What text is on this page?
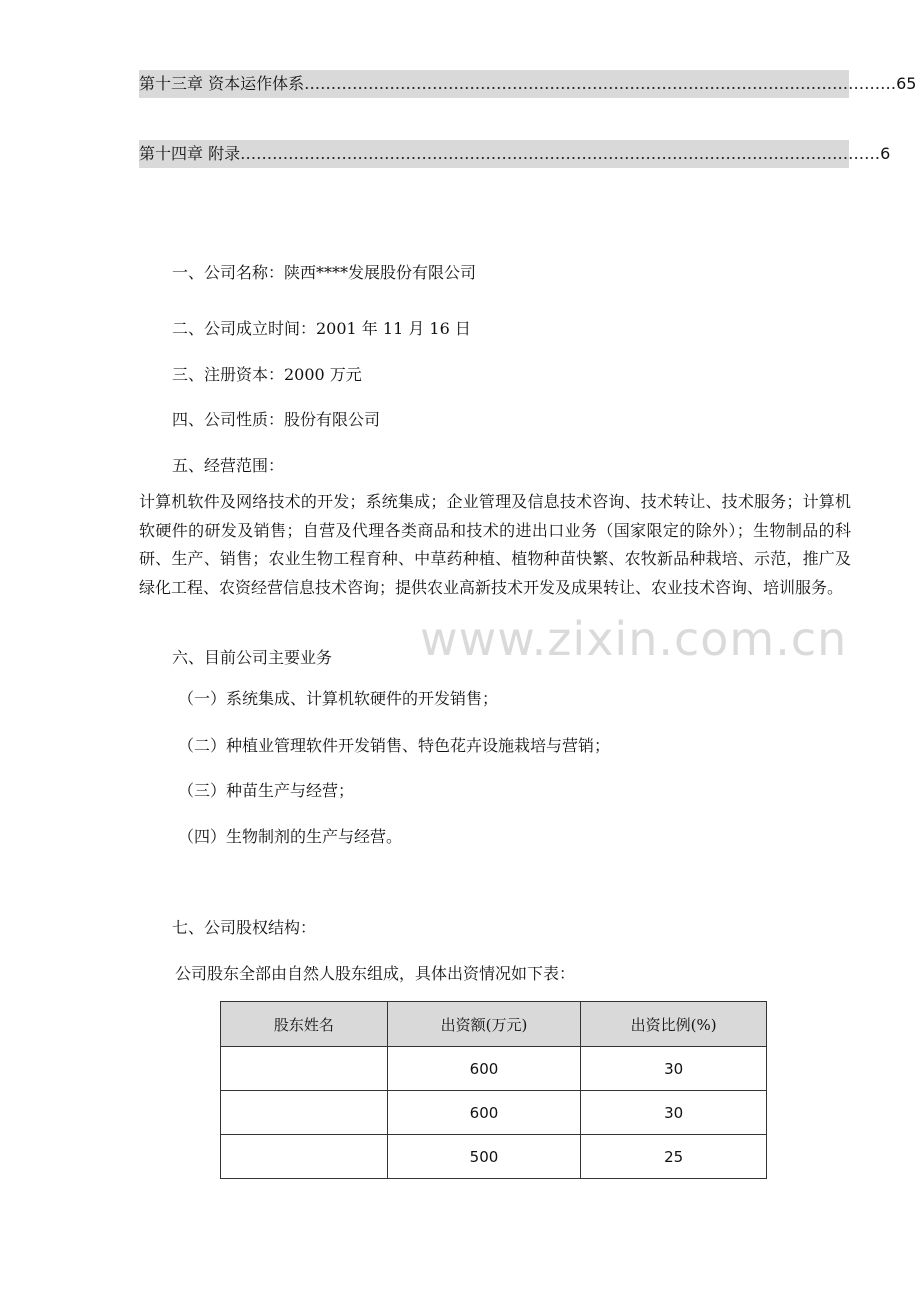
第十三章 资本运作体系 ………………………………………………………………………………………………… 65
第十四章 附录 ………………………………………………………………………………………………………… 6
一、公司名称：陕西****发展股份有限公司
二、公司成立时间：2001 年 11 月 16 日
三、注册资本：2000 万元
四、公司性质：股份有限公司
五、经营范围：
计算机软件及网络技术的开发；系统集成；企业管理及信息技术咨询、技术转让、技术服务；计算机软硬件的研发及销售；自营及代理各类商品和技术的进出口业务（国家限定的除外）；生物制品的科研、生产、销售；农业生物工程育种、中草药种植、植物种苗快繁、农牧新品种栽培、示范，推广及绿化工程、农资经营信息技术咨询；提供农业高新技术开发及成果转让、农业技术咨询、培训服务。
六、目前公司主要业务
（一）系统集成、计算机软硬件的开发销售；
（二）种植业管理软件开发销售、特色花卉设施栽培与营销；
（三）种苗生产与经营；
（四）生物制剂的生产与经营。
七、公司股权结构：
公司股东全部由自然人股东组成，具体出资情况如下表：
www.zixin.com.cn
股东姓名	出资额(万元)	出资比例(%)
	600	30
	600	30
	500	25
